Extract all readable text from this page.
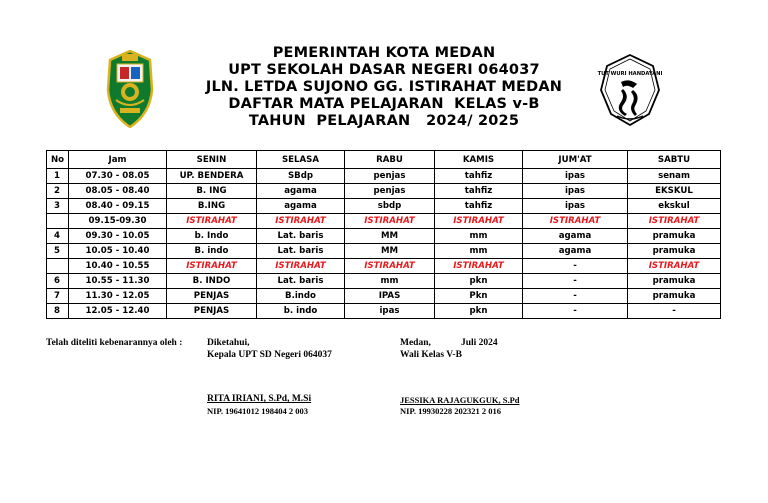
TUT WURI HANDAYANI
PEMERINTAH KOTA MEDAN
UPT SEKOLAH DASAR NEGERI 064037
JLN. LETDA SUJONO GG. ISTIRAHAT MEDAN
DAFTAR MATA PELAJARAN  KELAS v-B
TAHUN  PELAJARAN   2024/ 2025
No	Jam	SENIN	SELASA	RABU	KAMIS	JUM'AT	SABTU
1	07.30 - 08.05	UP. BENDERA	SBdp	penjas	tahfiz	ipas	senam
2	08.05 - 08.40	B. ING	agama	penjas	tahfiz	ipas	EKSKUL
3	08.40 - 09.15	B.ING	agama	sbdp	tahfiz	ipas	ekskul
	09.15-09.30	ISTIRAHAT	ISTIRAHAT	ISTIRAHAT	ISTIRAHAT	ISTIRAHAT	ISTIRAHAT
4	09.30 - 10.05	b. Indo	Lat. baris	MM	mm	agama	pramuka
5	10.05 - 10.40	B. indo	Lat. baris	MM	mm	agama	pramuka
	10.40 - 10.55	ISTIRAHAT	ISTIRAHAT	ISTIRAHAT	ISTIRAHAT	-	ISTIRAHAT
6	10.55 - 11.30	B. INDO	Lat. baris	mm	pkn	-	pramuka
7	11.30 - 12.05	PENJAS	B.indo	IPAS	Pkn	-	pramuka
8	12.05 - 12.40	PENJAS	b. indo	ipas	pkn	-	-
Telah diteliti kebenarannya oleh :	Diketahui,
Kepala UPT SD Negeri 064037
Medan,	Juli 2024
Wali Kelas V-B
RITA IRIANI, S.Pd, M.Si
NIP. 19641012 198404 2 003
JESSIKA RAJAGUKGUK, S.Pd
NIP. 19930228 202321 2 016
